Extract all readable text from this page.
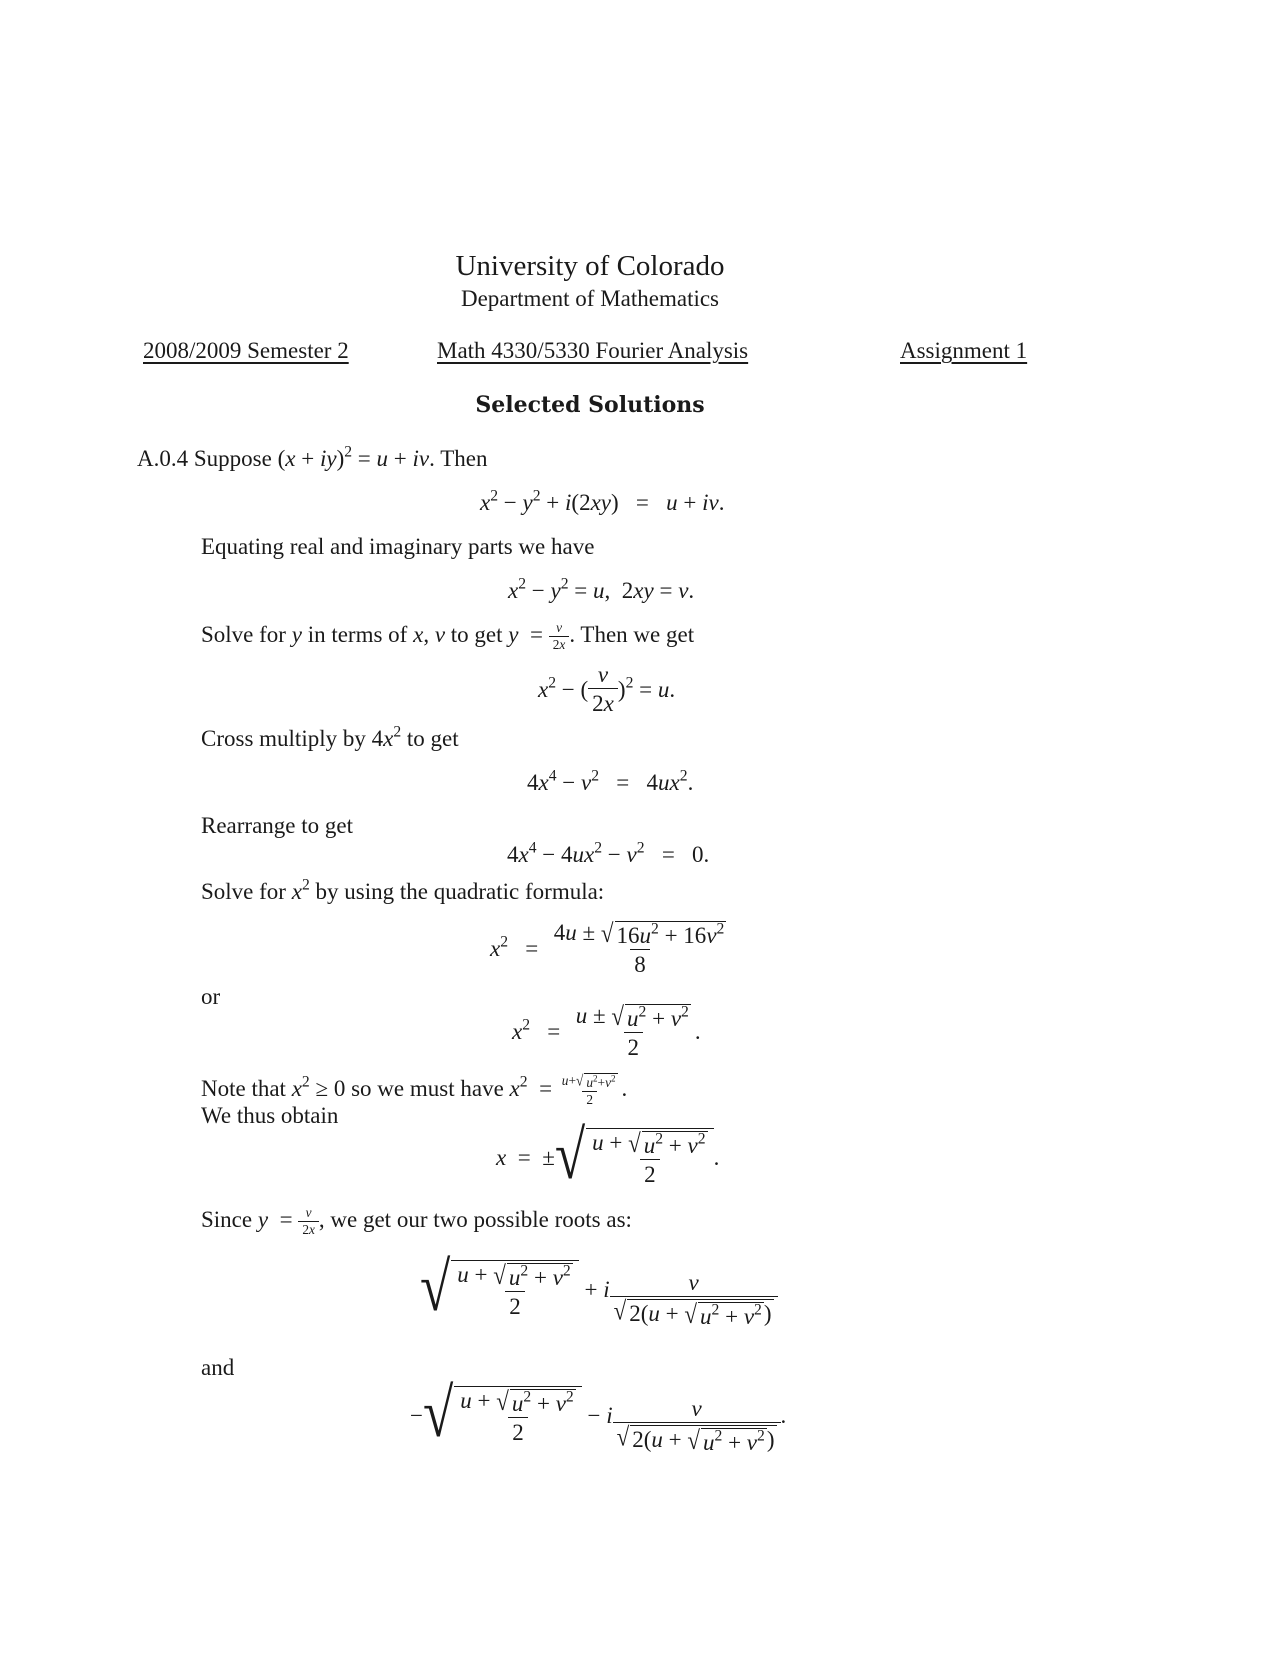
University of Colorado
Department of Mathematics
2008/2009 Semester 2	Math 4330/5330 Fourier Analysis	Assignment 1
Selected Solutions
A.0.4 Suppose (x + iy)$^2$ = u + iv. Then
$x^2 - y^2 + i(2xy) = u$ + iv.
Equating real and imaginary parts we have
$x^2 - y^2 = u$,  2xy = v.
Solve for y in terms of x, v to get $y = \frac{v}{2x}$ . Then we get
$x^2$ − ( $\frac{v}{2x} )^2 = u$.
Cross multiply by $4x^2$ to get
$4x^4 - v^2 = 4ux^2$.
Rearrange to get
$4x^4 - 4ux^2 - v^2 = 0$.
Solve for $x^2$ by using the quadratic formula:
$x^2 = \frac{4u \pm √ 16u^2 + 16v^2}{8}$
or
$x^2 = \frac{u \pm √ u^2 + v^2}{2}$ .
Note that $x^2 \ge 0$ so we must have $x^2 = \frac{u+ √ u^2+v^2}{2}$ .
We thus obtain
x  =  ± √ $\frac{u + √ u^2 + v^2}{2}$ .
Since $y = \frac{v}{2x}$ , we get our two possible roots as:
√ $\frac{u + √ u^2 + v^2}{2} + i \frac{v}{√ 2(u + √ u^2 + v^2 )}$
and
− √ $\frac{u + √ u^2 + v^2}{2} - i \frac{v}{√ 2(u + √ u^2 + v^2 )}$ .
